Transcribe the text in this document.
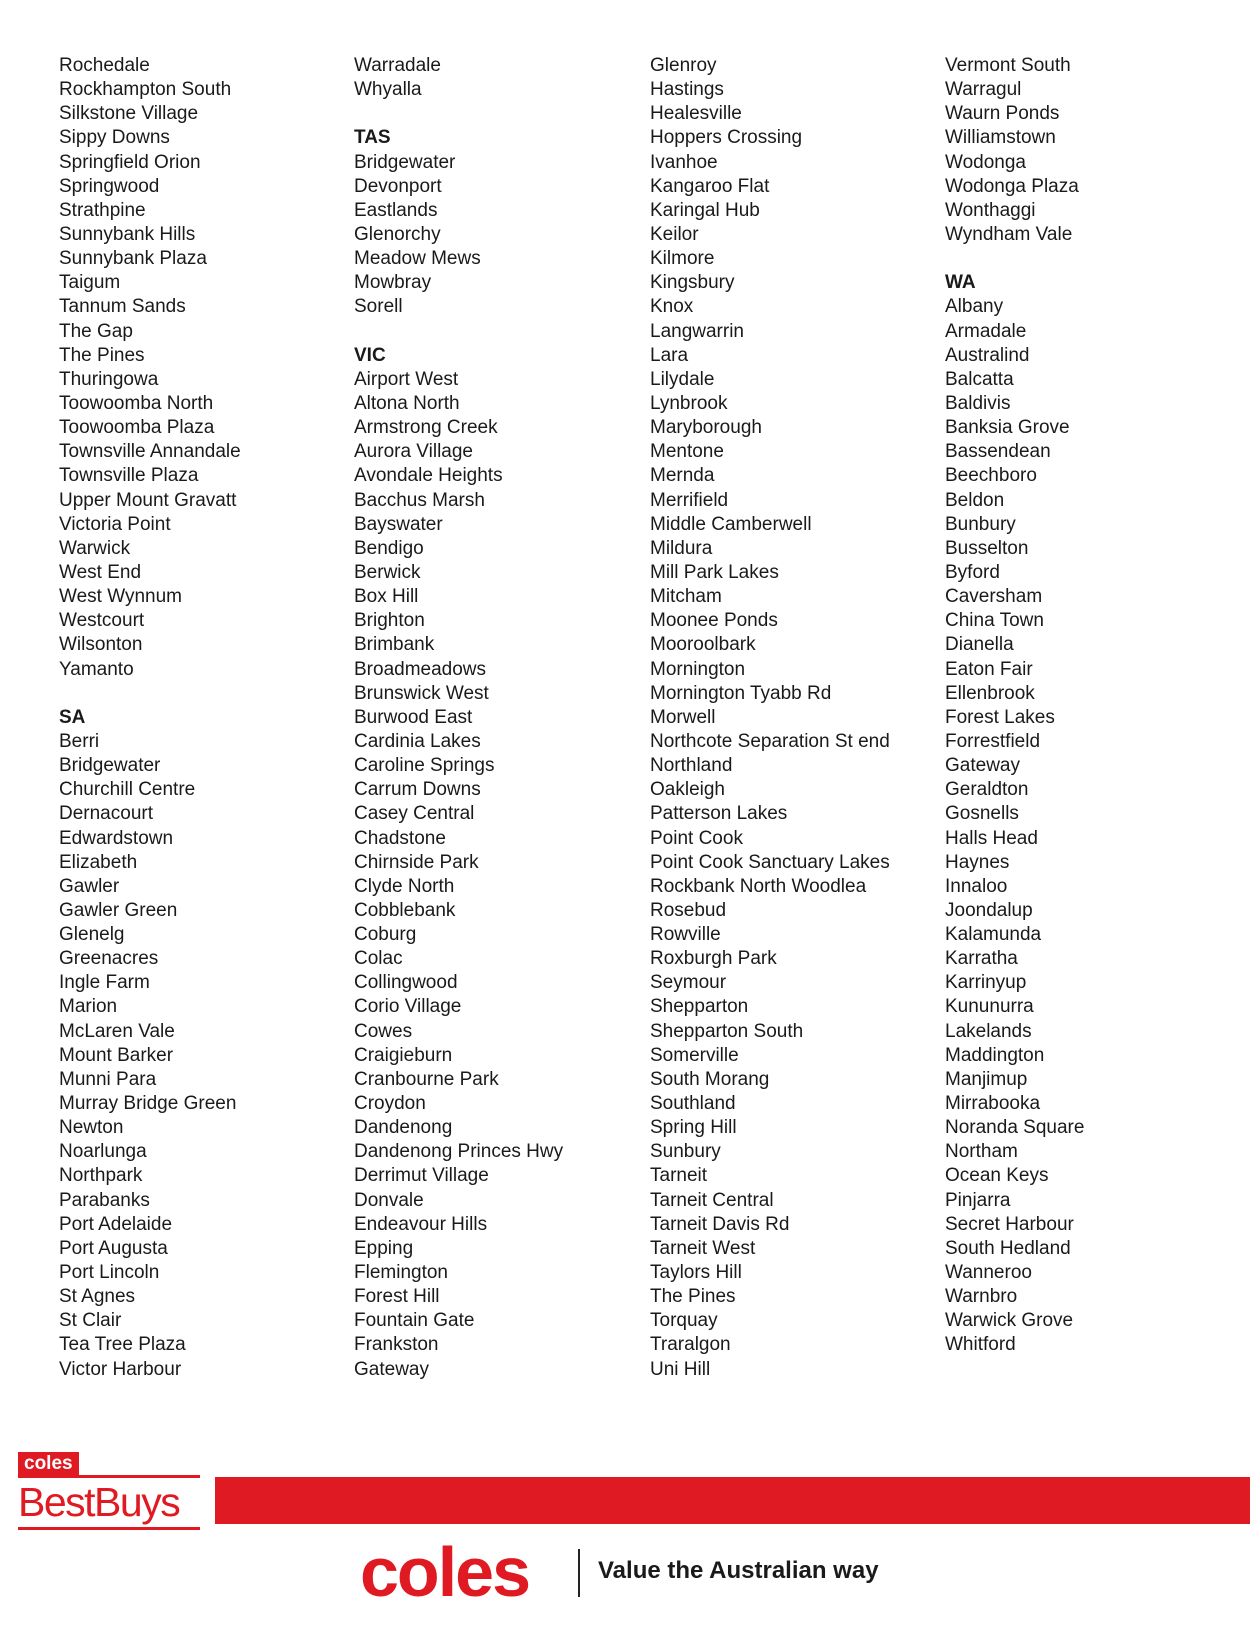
Rochedale
Rockhampton South
Silkstone Village
Sippy Downs
Springfield Orion
Springwood
Strathpine
Sunnybank Hills
Sunnybank Plaza
Taigum
Tannum Sands
The Gap
The Pines
Thuringowa
Toowoomba North
Toowoomba Plaza
Townsville Annandale
Townsville Plaza
Upper Mount Gravatt
Victoria Point
Warwick
West End
West Wynnum
Westcourt
Wilsonton
Yamanto
SA
Berri
Bridgewater
Churchill Centre
Dernacourt
Edwardstown
Elizabeth
Gawler
Gawler Green
Glenelg
Greenacres
Ingle Farm
Marion
McLaren Vale
Mount Barker
Munni Para
Murray Bridge Green
Newton
Noarlunga
Northpark
Parabanks
Port Adelaide
Port Augusta
Port Lincoln
St Agnes
St Clair
Tea Tree Plaza
Victor Harbour
Warradale
Whyalla
TAS
Bridgewater
Devonport
Eastlands
Glenorchy
Meadow Mews
Mowbray
Sorell
VIC
Airport West
Altona North
Armstrong Creek
Aurora Village
Avondale Heights
Bacchus Marsh
Bayswater
Bendigo
Berwick
Box Hill
Brighton
Brimbank
Broadmeadows
Brunswick West
Burwood East
Cardinia Lakes
Caroline Springs
Carrum Downs
Casey Central
Chadstone
Chirnside Park
Clyde North
Cobblebank
Coburg
Colac
Collingwood
Corio Village
Cowes
Craigieburn
Cranbourne Park
Croydon
Dandenong
Dandenong Princes Hwy
Derrimut Village
Donvale
Endeavour Hills
Epping
Flemington
Forest Hill
Fountain Gate
Frankston
Gateway
Glenroy
Hastings
Healesville
Hoppers Crossing
Ivanhoe
Kangaroo Flat
Karingal Hub
Keilor
Kilmore
Kingsbury
Knox
Langwarrin
Lara
Lilydale
Lynbrook
Maryborough
Mentone
Mernda
Merrifield
Middle Camberwell
Mildura
Mill Park Lakes
Mitcham
Moonee Ponds
Mooroolbark
Mornington
Mornington Tyabb Rd
Morwell
Northcote Separation St end
Northland
Oakleigh
Patterson Lakes
Point Cook
Point Cook Sanctuary Lakes
Rockbank North Woodlea
Rosebud
Rowville
Roxburgh Park
Seymour
Shepparton
Shepparton South
Somerville
South Morang
Southland
Spring Hill
Sunbury
Tarneit
Tarneit Central
Tarneit Davis Rd
Tarneit West
Taylors Hill
The Pines
Torquay
Traralgon
Uni Hill
Vermont South
Warragul
Waurn Ponds
Williamstown
Wodonga
Wodonga Plaza
Wonthaggi
Wyndham Vale
WA
Albany
Armadale
Australind
Balcatta
Baldivis
Banksia Grove
Bassendean
Beechboro
Beldon
Bunbury
Busselton
Byford
Caversham
China Town
Dianella
Eaton Fair
Ellenbrook
Forest Lakes
Forrestfield
Gateway
Geraldton
Gosnells
Halls Head
Haynes
Innaloo
Joondalup
Kalamunda
Karratha
Karrinyup
Kununurra
Lakelands
Maddington
Manjimup
Mirrabooka
Noranda Square
Northam
Ocean Keys
Pinjarra
Secret Harbour
South Hedland
Wanneroo
Warnbro
Warwick Grove
Whitford
coles
BestBuys
coles	Value the Australian way
